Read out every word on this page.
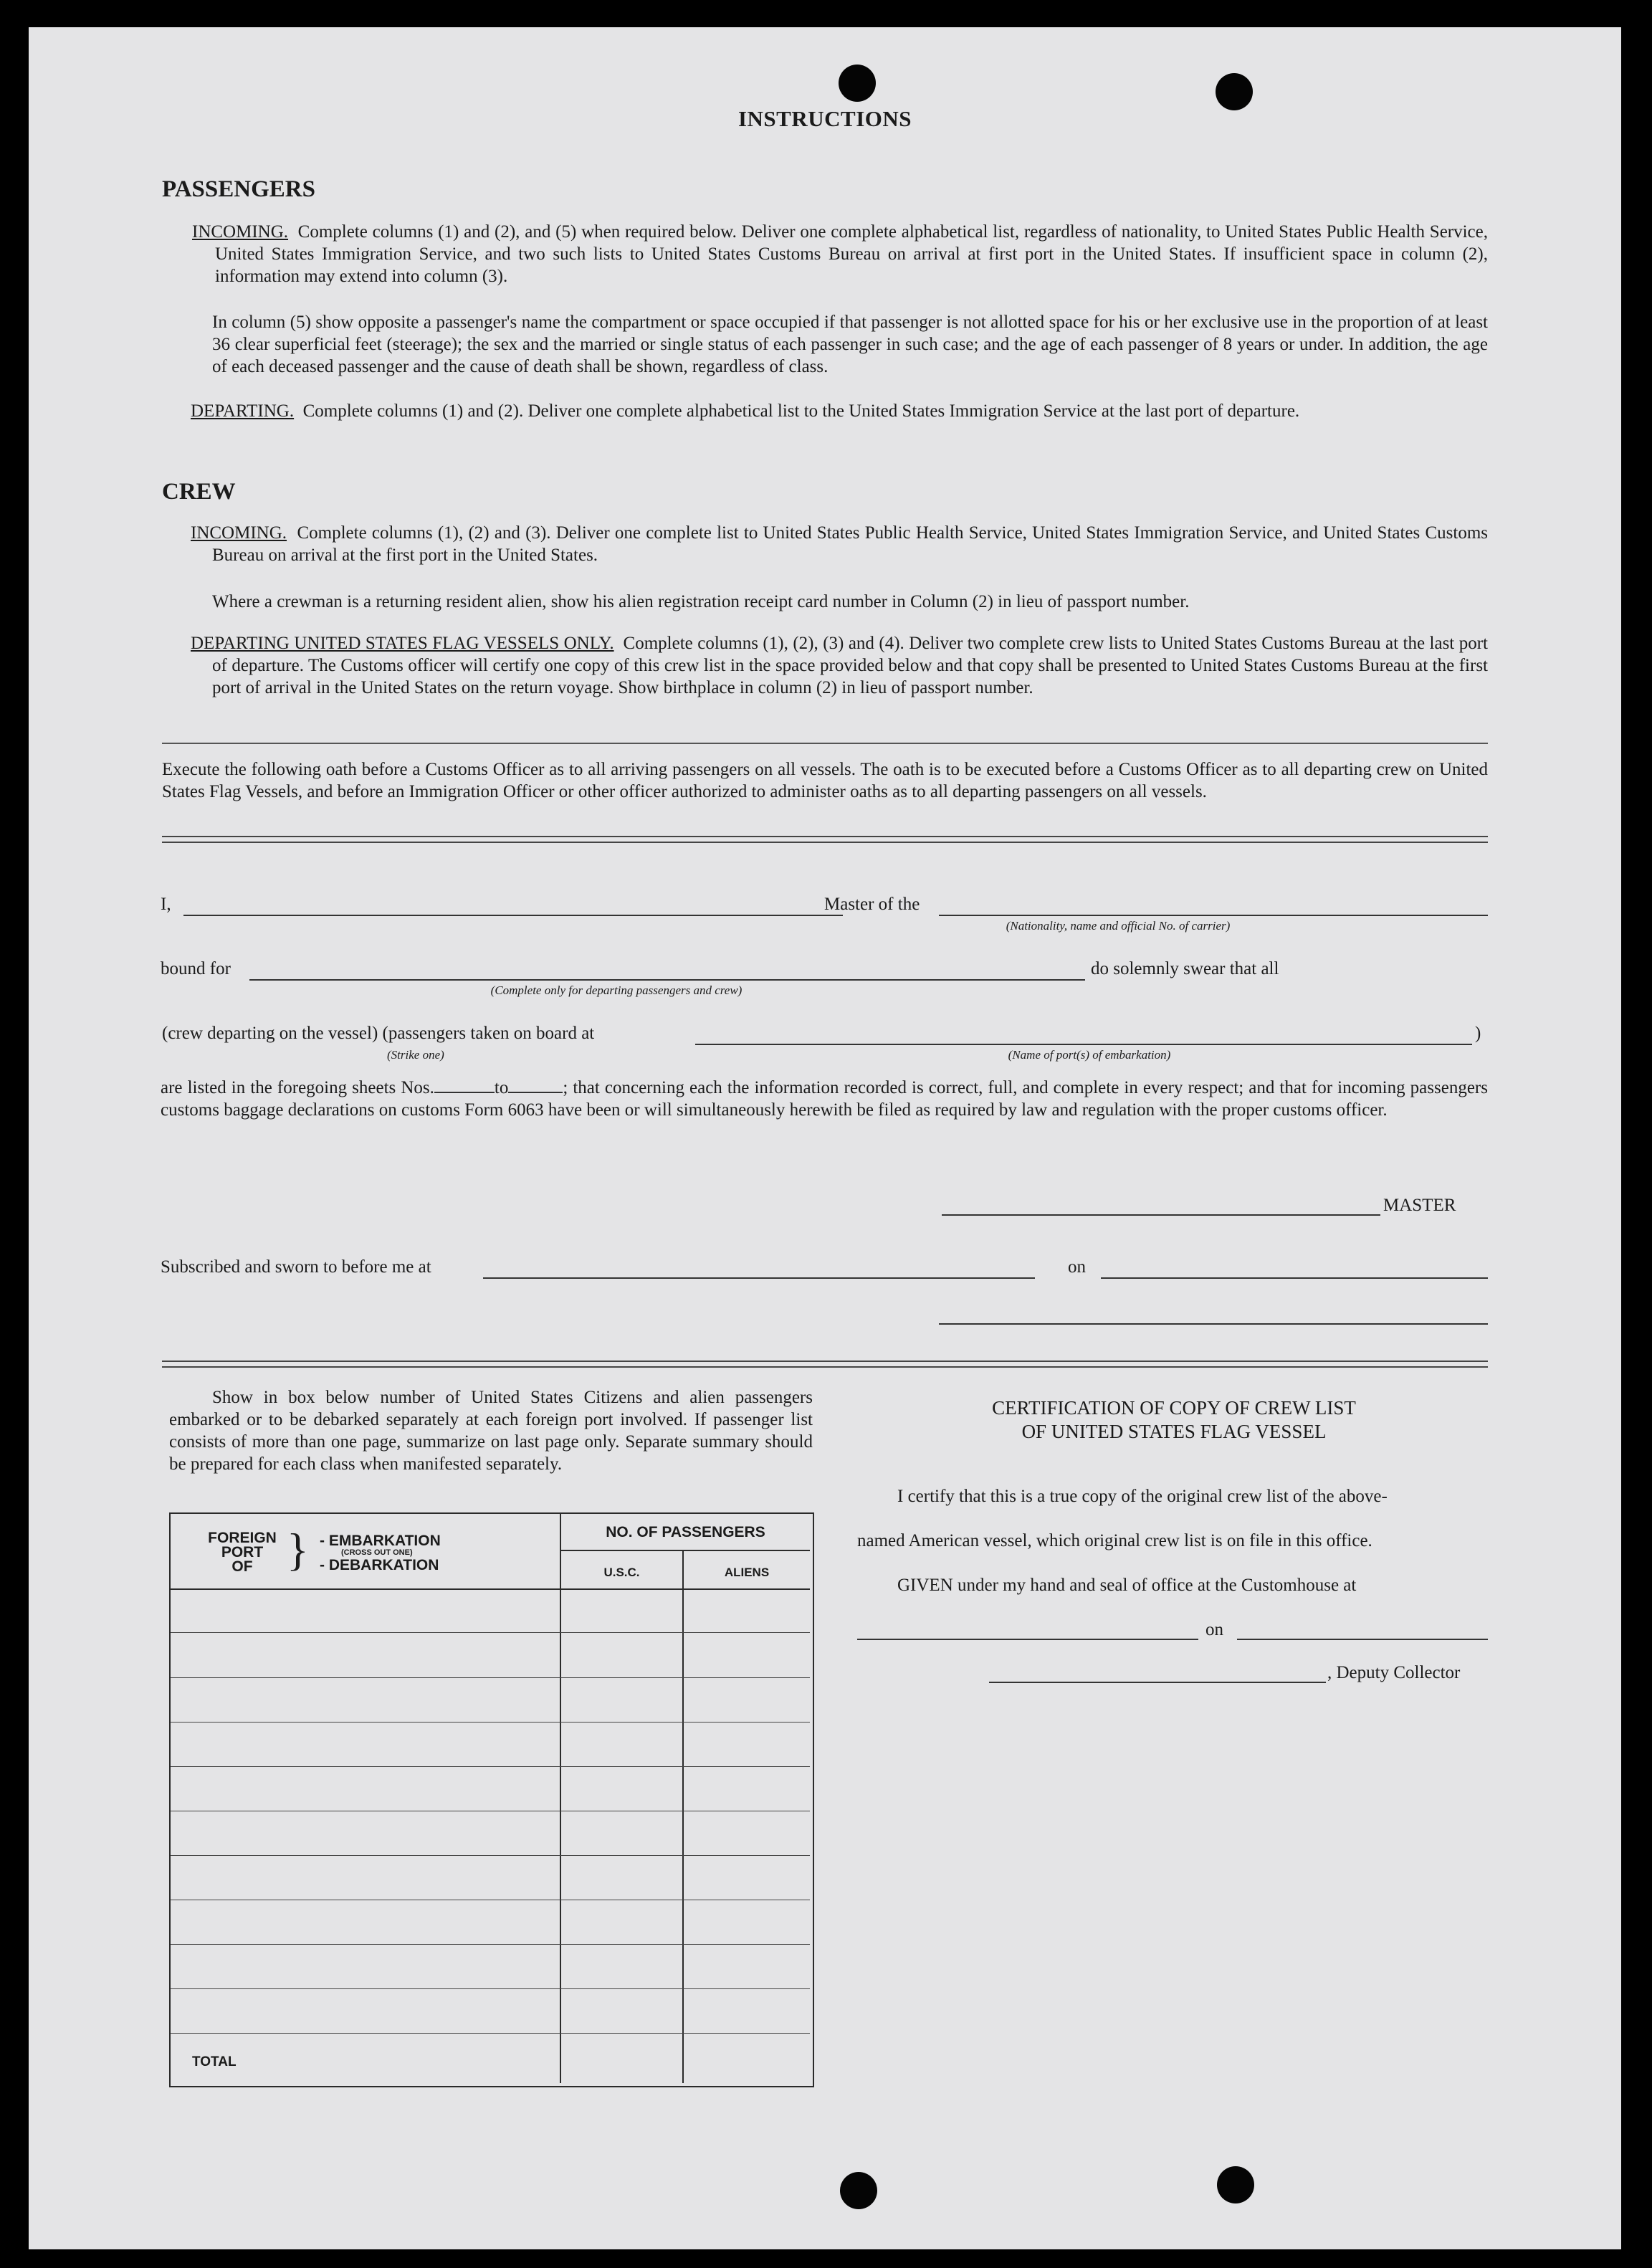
INSTRUCTIONS
PASSENGERS
INCOMING. Complete columns (1) and (2), and (5) when required below. Deliver one complete alphabetical list, regardless of nationality, to United States Public Health Service, United States Immigration Service, and two such lists to United States Customs Bureau on arrival at first port in the United States. If insufficient space in column (2), information may extend into column (3).
In column (5) show opposite a passenger's name the compartment or space occupied if that passenger is not allotted space for his or her exclusive use in the proportion of at least 36 clear superficial feet (steerage); the sex and the married or single status of each passenger in such case; and the age of each passenger of 8 years or under. In addition, the age of each deceased passenger and the cause of death shall be shown, regardless of class.
DEPARTING. Complete columns (1) and (2). Deliver one complete alphabetical list to the United States Immigration Service at the last port of departure.
CREW
INCOMING. Complete columns (1), (2) and (3). Deliver one complete list to United States Public Health Service, United States Immigration Service, and United States Customs Bureau on arrival at the first port in the United States.
Where a crewman is a returning resident alien, show his alien registration receipt card number in Column (2) in lieu of passport number.
DEPARTING UNITED STATES FLAG VESSELS ONLY. Complete columns (1), (2), (3) and (4). Deliver two complete crew lists to United States Customs Bureau at the last port of departure. The Customs officer will certify one copy of this crew list in the space provided below and that copy shall be presented to United States Customs Bureau at the first port of arrival in the United States on the return voyage. Show birthplace in column (2) in lieu of passport number.
Execute the following oath before a Customs Officer as to all arriving passengers on all vessels. The oath is to be executed before a Customs Officer as to all departing crew on United States Flag Vessels, and before an Immigration Officer or other officer authorized to administer oaths as to all departing passengers on all vessels.
I,	Master of the
(Nationality, name and official No. of carrier)
bound for
(Complete only for departing passengers and crew)
do solemnly swear that all
(crew departing on the vessel) (passengers taken on board at	)
(Strike one)	(Name of port(s) of embarkation)
are listed in the foregoing sheets Nos.	to	; that concerning each the information recorded is correct, full, and complete in every respect; and that for incoming passengers customs baggage declarations on customs Form 6063 have been or will simultaneously herewith be filed as required by law and regulation with the proper customs officer.
MASTER
Subscribed and sworn to before me at	on
Show in box below number of United States Citizens and alien passengers embarked or to be debarked separately at each foreign port involved. If passenger list consists of more than one page, summarize on last page only. Separate summary should be prepared for each class when manifested separately.
FOREIGN
PORT
OF } - EMBARKATION
(CROSS OUT ONE)
- DEBARKATION
NO. OF PASSENGERS
U.S.C.	ALIENS
TOTAL
CERTIFICATION OF COPY OF CREW LIST
OF UNITED STATES FLAG VESSEL
I certify that this is a true copy of the original crew list of the above-
named American vessel, which original crew list is on file in this office.
GIVEN under my hand and seal of office at the Customhouse at
on
, Deputy Collector
